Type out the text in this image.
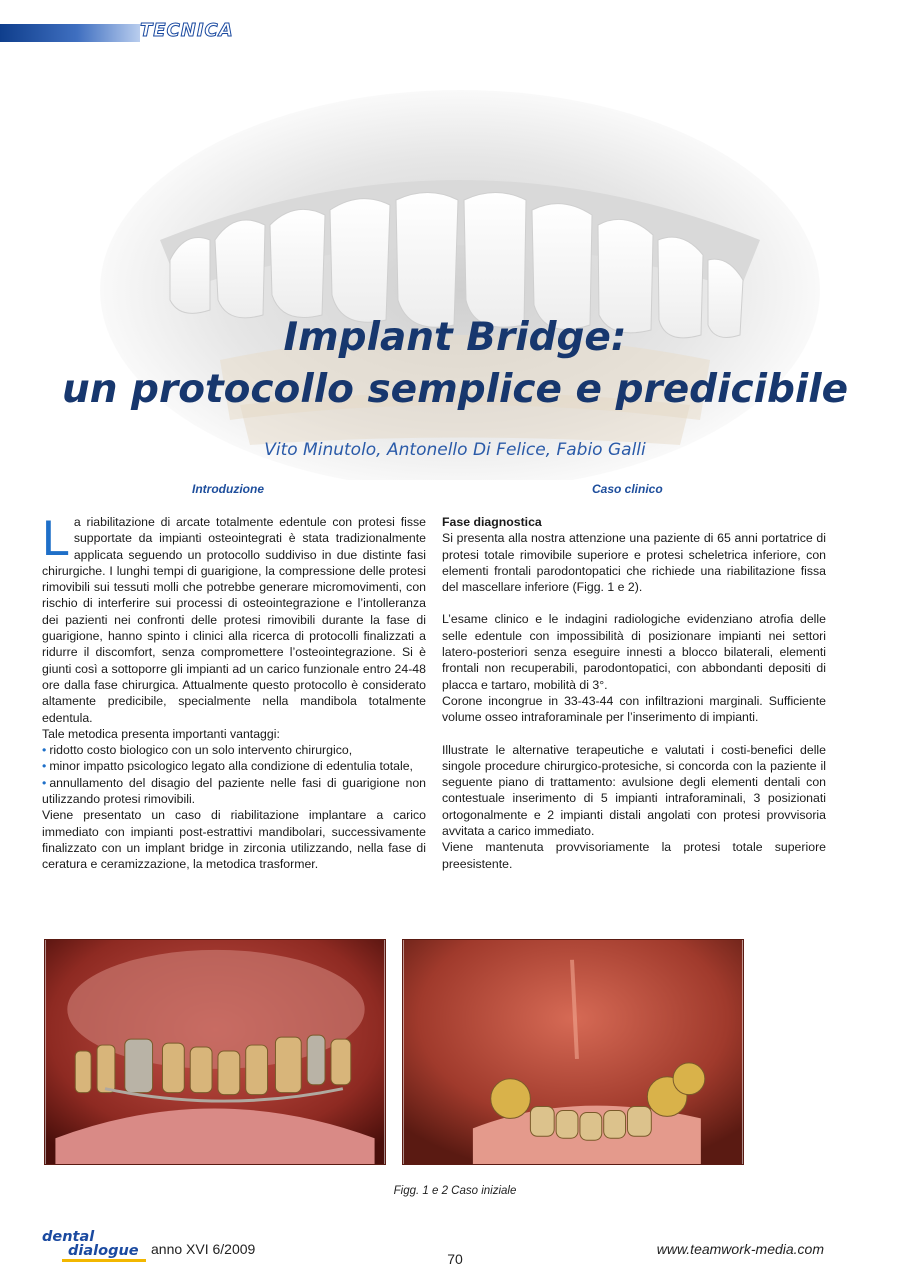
TECNICA
Implant Bridge:
un protocollo semplice e predicibile
Vito Minutolo, Antonello Di Felice, Fabio Galli
Introduzione	Caso clinico

L a riabilitazione di arcate totalmente edentule con protesi fisse supportate da impianti osteointegrati è stata tradizionalmente applicata seguendo un protocollo suddiviso in due distinte fasi chirurgiche. I lunghi tempi di guarigione, la compressione delle protesi rimovibili sui tessuti molli che potrebbe generare micromovimenti, con rischio di interferire sui processi di osteointegrazione e l’intolleranza dei pazienti nei confronti delle protesi rimovibili durante la fase di guarigione, hanno spinto i clinici alla ricerca di protocolli finalizzati a ridurre il discomfort, senza compromettere l’osteointegrazione. Si è giunti così a sottoporre gli impianti ad un carico funzionale entro 24-48 ore dalla fase chirurgica. Attualmente questo protocollo è considerato altamente predicibile, specialmente nella mandibola totalmente edentula.

Tale metodica presenta importanti vantaggi:

• ridotto costo biologico con un solo intervento chirurgico,

• minor impatto psicologico legato alla condizione di edentulia totale,

• annullamento del disagio del paziente nelle fasi di guarigione non utilizzando protesi rimovibili.

Viene presentato un caso di riabilitazione implantare a carico immediato con impianti post-estrattivi mandibolari, successivamente finalizzato con un implant bridge in zirconia utilizzando, nella fase di ceratura e ceramizzazione, la metodica trasformer.

Fase diagnostica

Si presenta alla nostra attenzione una paziente di 65 anni portatrice di protesi totale rimovibile superiore e protesi scheletrica inferiore, con elementi frontali parodontopatici che richiede una riabilitazione fissa del mascellare inferiore (Figg. 1 e 2).

L’esame clinico e le indagini radiologiche evidenziano atrofia delle selle edentule con impossibilità di posizionare impianti nei settori latero-posteriori senza eseguire innesti a blocco bilaterali, elementi frontali non recuperabili, parodontopatici, con abbondanti depositi di placca e tartaro, mobilità di 3°.

Corone incongrue in 33-43-44 con infiltrazioni marginali. Sufficiente volume osseo intraforaminale per l’inserimento di impianti.

Illustrate le alternative terapeutiche e valutati i costi-benefici delle singole procedure chirurgico-protesiche, si concorda con la paziente il seguente piano di trattamento: avulsione degli elementi dentali con contestuale inserimento di 5 impianti intraforaminali, 3 posizionati ortogonalmente e 2 impianti distali angolati con protesi provvisoria avvitata a carico immediato.

Viene mantenuta provvisoriamente la protesi totale superiore preesistente.

Figg. 1 e 2 Caso iniziale
dental
dialogue anno XVI 6/2009
70
www.teamwork-media.com
